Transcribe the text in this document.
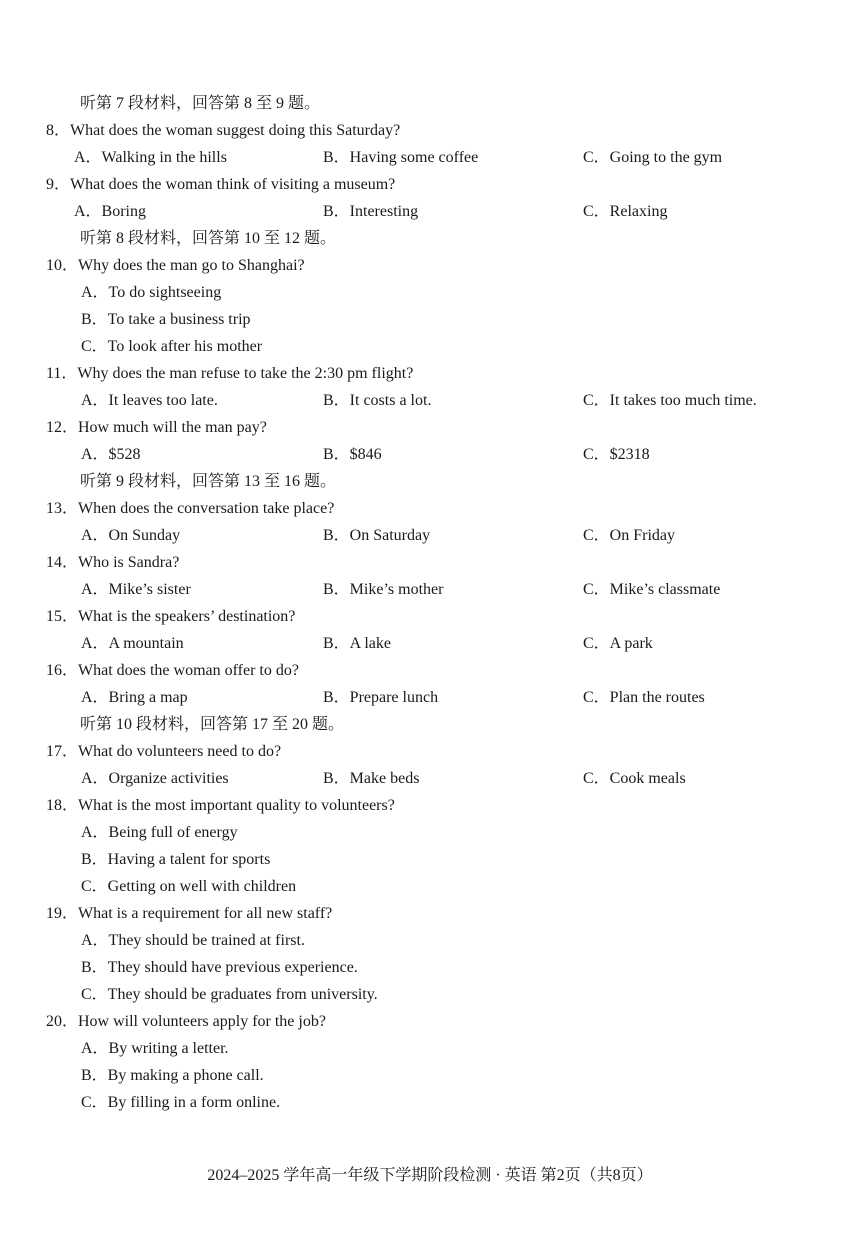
听第 7 段材料，回答第 8 至 9 题。
8．What does the woman suggest doing this Saturday?
A．Walking in the hills	B．Having some coffee	C．Going to the gym
9．What does the woman think of visiting a museum?
A．Boring	B．Interesting	C．Relaxing
听第 8 段材料，回答第 10 至 12 题。
10．Why does the man go to Shanghai?
A．To do sightseeing
B．To take a business trip
C．To look after his mother
11．Why does the man refuse to take the 2:30 pm flight?
A．It leaves too late.	B．It costs a lot.	C．It takes too much time.
12．How much will the man pay?
A．$528	B．$846	C．$2318
听第 9 段材料，回答第 13 至 16 题。
13．When does the conversation take place?
A．On Sunday	B．On Saturday	C．On Friday
14．Who is Sandra?
A．Mike’s sister	B．Mike’s mother	C．Mike’s classmate
15．What is the speakers’ destination?
A．A mountain	B．A lake	C．A park
16．What does the woman offer to do?
A．Bring a map	B．Prepare lunch	C．Plan the routes
听第 10 段材料，回答第 17 至 20 题。
17．What do volunteers need to do?
A．Organize activities	B．Make beds	C．Cook meals
18．What is the most important quality to volunteers?
A．Being full of energy
B．Having a talent for sports
C．Getting on well with children
19．What is a requirement for all new staff?
A．They should be trained at first.
B．They should have previous experience.
C．They should be graduates from university.
20．How will volunteers apply for the job?
A．By writing a letter.
B．By making a phone call.
C．By filling in a form online.
2024–2025 学年高一年级下学期阶段检测 · 英语 第2页（共8页）
